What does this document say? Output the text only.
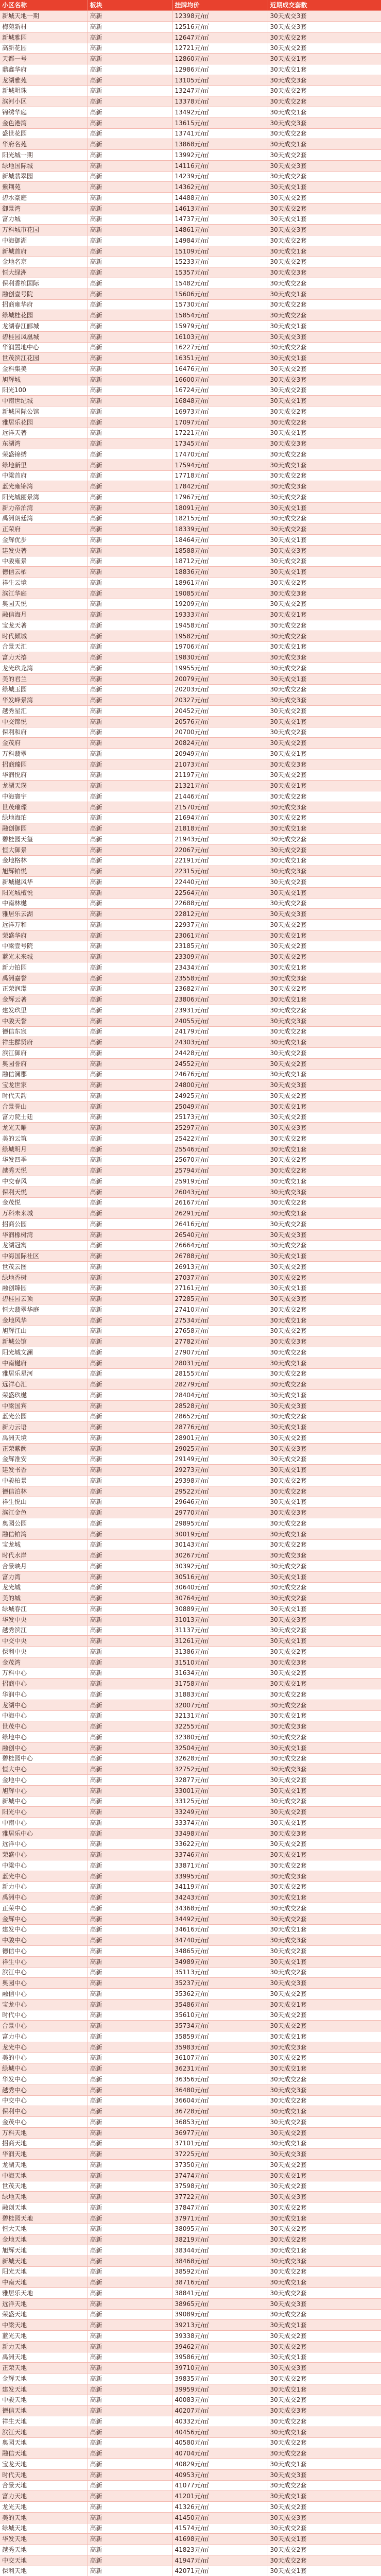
小区名称	板块	挂牌均价	近期成交套数
新城天地一期	高新	12398元/㎡	30天成交3套
梅苑新村	高新	12516元/㎡	30天成交3套
新城雅园	高新	12647元/㎡	30天成交2套
高新花园	高新	12721元/㎡	30天成交2套
天都一号	高新	12860元/㎡	30天成交1套
鼎鑫华府	高新	12986元/㎡	30天成交1套
龙湖雅苑	高新	13105元/㎡	30天成交3套
新城明珠	高新	13247元/㎡	30天成交2套
滨河小区	高新	13378元/㎡	30天成交2套
锦绣华庭	高新	13492元/㎡	30天成交1套
金色港湾	高新	13615元/㎡	30天成交3套
盛世花园	高新	13741元/㎡	30天成交2套
华府名苑	高新	13868元/㎡	30天成交1套
阳光城一期	高新	13992元/㎡	30天成交2套
绿地国际城	高新	14116元/㎡	30天成交3套
新城翡翠园	高新	14239元/㎡	30天成交2套
紫荆苑	高新	14362元/㎡	30天成交1套
碧水豪庭	高新	14488元/㎡	30天成交2套
御景湾	高新	14613元/㎡	30天成交2套
富力城	高新	14737元/㎡	30天成交1套
万科城市花园	高新	14861元/㎡	30天成交3套
中海御湖	高新	14984元/㎡	30天成交2套
新城首府	高新	15109元/㎡	30天成交1套
金地名京	高新	15233元/㎡	30天成交2套
恒大绿洲	高新	15357元/㎡	30天成交3套
保利香槟国际	高新	15482元/㎡	30天成交2套
融创壹号院	高新	15606元/㎡	30天成交1套
招商雍华府	高新	15730元/㎡	30天成交2套
绿城桂花园	高新	15854元/㎡	30天成交2套
龙湖春江郦城	高新	15979元/㎡	30天成交1套
碧桂园凤凰城	高新	16103元/㎡	30天成交3套
华润置地中心	高新	16227元/㎡	30天成交2套
世茂滨江花园	高新	16351元/㎡	30天成交1套
金科集美	高新	16476元/㎡	30天成交2套
旭辉城	高新	16600元/㎡	30天成交3套
阳光100	高新	16724元/㎡	30天成交2套
中南世纪城	高新	16848元/㎡	30天成交1套
新城国际公馆	高新	16973元/㎡	30天成交2套
雅居乐花园	高新	17097元/㎡	30天成交2套
远洋天著	高新	17221元/㎡	30天成交1套
东湖湾	高新	17345元/㎡	30天成交3套
荣盛锦绣	高新	17470元/㎡	30天成交2套
绿地新里	高新	17594元/㎡	30天成交1套
中梁首府	高新	17718元/㎡	30天成交2套
蓝光雍锦湾	高新	17842元/㎡	30天成交3套
阳光城丽景湾	高新	17967元/㎡	30天成交2套
新力帝泊湾	高新	18091元/㎡	30天成交1套
禹洲朗廷湾	高新	18215元/㎡	30天成交2套
正荣府	高新	18339元/㎡	30天成交2套
金辉优步	高新	18464元/㎡	30天成交1套
建发央著	高新	18588元/㎡	30天成交3套
中骏雍景	高新	18712元/㎡	30天成交2套
德信云栖	高新	18836元/㎡	30天成交1套
祥生云境	高新	18961元/㎡	30天成交2套
滨江华庭	高新	19085元/㎡	30天成交3套
奥园天悦	高新	19209元/㎡	30天成交2套
融信海月	高新	19333元/㎡	30天成交1套
宝龙天著	高新	19458元/㎡	30天成交2套
时代倾城	高新	19582元/㎡	30天成交2套
合景天汇	高新	19706元/㎡	30天成交1套
富力天禧	高新	19830元/㎡	30天成交3套
龙光玖龙湾	高新	19955元/㎡	30天成交2套
美的君兰	高新	20079元/㎡	30天成交1套
绿城玉园	高新	20203元/㎡	30天成交2套
华发峰景湾	高新	20327元/㎡	30天成交3套
越秀星汇	高新	20452元/㎡	30天成交2套
中交锦悦	高新	20576元/㎡	30天成交1套
保利和府	高新	20700元/㎡	30天成交2套
金茂府	高新	20824元/㎡	30天成交2套
万科翡翠	高新	20949元/㎡	30天成交1套
招商臻园	高新	21073元/㎡	30天成交3套
华润悦府	高新	21197元/㎡	30天成交2套
龙湖天璞	高新	21321元/㎡	30天成交1套
中海寰宇	高新	21446元/㎡	30天成交2套
世茂璀璨	高新	21570元/㎡	30天成交3套
绿地海珀	高新	21694元/㎡	30天成交2套
融创御园	高新	21818元/㎡	30天成交1套
碧桂园天玺	高新	21943元/㎡	30天成交2套
恒大御景	高新	22067元/㎡	30天成交2套
金地格林	高新	22191元/㎡	30天成交1套
旭辉铂悦	高新	22315元/㎡	30天成交3套
新城樾风华	高新	22440元/㎡	30天成交2套
阳光城檀悦	高新	22564元/㎡	30天成交1套
中南林樾	高新	22688元/㎡	30天成交2套
雅居乐云湖	高新	22812元/㎡	30天成交3套
远洋万和	高新	22937元/㎡	30天成交2套
荣盛华府	高新	23061元/㎡	30天成交1套
中梁壹号院	高新	23185元/㎡	30天成交2套
蓝光未来城	高新	23309元/㎡	30天成交2套
新力铂园	高新	23434元/㎡	30天成交1套
禹洲嘉誉	高新	23558元/㎡	30天成交3套
正荣润璟	高新	23682元/㎡	30天成交2套
金辉云著	高新	23806元/㎡	30天成交1套
建发玖里	高新	23931元/㎡	30天成交2套
中骏天誉	高新	24055元/㎡	30天成交3套
德信东宸	高新	24179元/㎡	30天成交2套
祥生群贤府	高新	24303元/㎡	30天成交1套
滨江御府	高新	24428元/㎡	30天成交2套
奥园誉府	高新	24552元/㎡	30天成交2套
融信澜郡	高新	24676元/㎡	30天成交1套
宝龙世家	高新	24800元/㎡	30天成交3套
时代天韵	高新	24925元/㎡	30天成交2套
合景誉山	高新	25049元/㎡	30天成交1套
富力院士廷	高新	25173元/㎡	30天成交2套
龙光天曜	高新	25297元/㎡	30天成交3套
美的云筑	高新	25422元/㎡	30天成交2套
绿城明月	高新	25546元/㎡	30天成交1套
华发四季	高新	25670元/㎡	30天成交2套
越秀天悦	高新	25794元/㎡	30天成交2套
中交春风	高新	25919元/㎡	30天成交1套
保利天悦	高新	26043元/㎡	30天成交3套
金茂悦	高新	26167元/㎡	30天成交2套
万科未来城	高新	26291元/㎡	30天成交1套
招商公园	高新	26416元/㎡	30天成交2套
华润橡树湾	高新	26540元/㎡	30天成交3套
龙湖冠寓	高新	26664元/㎡	30天成交2套
中海国际社区	高新	26788元/㎡	30天成交1套
世茂云图	高新	26913元/㎡	30天成交2套
绿地香树	高新	27037元/㎡	30天成交2套
融创臻园	高新	27161元/㎡	30天成交1套
碧桂园云顶	高新	27285元/㎡	30天成交3套
恒大翡翠华庭	高新	27410元/㎡	30天成交2套
金地风华	高新	27534元/㎡	30天成交1套
旭辉江山	高新	27658元/㎡	30天成交2套
新城公馆	高新	27782元/㎡	30天成交3套
阳光城文澜	高新	27907元/㎡	30天成交2套
中南樾府	高新	28031元/㎡	30天成交1套
雅居乐星河	高新	28155元/㎡	30天成交2套
远洋心汇	高新	28279元/㎡	30天成交2套
荣盛玖樾	高新	28404元/㎡	30天成交1套
中梁国宾	高新	28528元/㎡	30天成交3套
蓝光公园	高新	28652元/㎡	30天成交2套
新力云语	高新	28776元/㎡	30天成交1套
禹洲天境	高新	28901元/㎡	30天成交2套
正荣紫阙	高新	29025元/㎡	30天成交3套
金辉淮安	高新	29149元/㎡	30天成交2套
建发书香	高新	29273元/㎡	30天成交1套
中骏柏景	高新	29398元/㎡	30天成交2套
德信泊林	高新	29522元/㎡	30天成交2套
祥生悦山	高新	29646元/㎡	30天成交1套
滨江金色	高新	29770元/㎡	30天成交3套
奥园公园	高新	29895元/㎡	30天成交2套
融信铂湾	高新	30019元/㎡	30天成交1套
宝龙城	高新	30143元/㎡	30天成交2套
时代水岸	高新	30267元/㎡	30天成交3套
合景映月	高新	30392元/㎡	30天成交2套
富力湾	高新	30516元/㎡	30天成交1套
龙光城	高新	30640元/㎡	30天成交2套
美的城	高新	30764元/㎡	30天成交2套
绿城春江	高新	30889元/㎡	30天成交1套
华发中央	高新	31013元/㎡	30天成交3套
越秀滨江	高新	31137元/㎡	30天成交2套
中交中央	高新	31261元/㎡	30天成交1套
保利中央	高新	31386元/㎡	30天成交2套
金茂湾	高新	31510元/㎡	30天成交3套
万科中心	高新	31634元/㎡	30天成交2套
招商中心	高新	31758元/㎡	30天成交1套
华润中心	高新	31883元/㎡	30天成交2套
龙湖中心	高新	32007元/㎡	30天成交2套
中海中心	高新	32131元/㎡	30天成交1套
世茂中心	高新	32255元/㎡	30天成交3套
绿地中心	高新	32380元/㎡	30天成交2套
融创中心	高新	32504元/㎡	30天成交1套
碧桂园中心	高新	32628元/㎡	30天成交2套
恒大中心	高新	32752元/㎡	30天成交3套
金地中心	高新	32877元/㎡	30天成交2套
旭辉中心	高新	33001元/㎡	30天成交1套
新城中心	高新	33125元/㎡	30天成交2套
阳光中心	高新	33249元/㎡	30天成交2套
中南中心	高新	33374元/㎡	30天成交1套
雅居乐中心	高新	33498元/㎡	30天成交3套
远洋中心	高新	33622元/㎡	30天成交2套
荣盛中心	高新	33746元/㎡	30天成交1套
中梁中心	高新	33871元/㎡	30天成交2套
蓝光中心	高新	33995元/㎡	30天成交3套
新力中心	高新	34119元/㎡	30天成交2套
禹洲中心	高新	34243元/㎡	30天成交1套
正荣中心	高新	34368元/㎡	30天成交2套
金辉中心	高新	34492元/㎡	30天成交2套
建发中心	高新	34616元/㎡	30天成交1套
中骏中心	高新	34740元/㎡	30天成交3套
德信中心	高新	34865元/㎡	30天成交2套
祥生中心	高新	34989元/㎡	30天成交1套
滨江中心	高新	35113元/㎡	30天成交2套
奥园中心	高新	35237元/㎡	30天成交3套
融信中心	高新	35362元/㎡	30天成交2套
宝龙中心	高新	35486元/㎡	30天成交1套
时代中心	高新	35610元/㎡	30天成交2套
合景中心	高新	35734元/㎡	30天成交2套
富力中心	高新	35859元/㎡	30天成交1套
龙光中心	高新	35983元/㎡	30天成交3套
美的中心	高新	36107元/㎡	30天成交2套
绿城中心	高新	36231元/㎡	30天成交1套
华发中心	高新	36356元/㎡	30天成交2套
越秀中心	高新	36480元/㎡	30天成交3套
中交中心	高新	36604元/㎡	30天成交2套
保利中心	高新	36728元/㎡	30天成交1套
金茂中心	高新	36853元/㎡	30天成交2套
万科天地	高新	36977元/㎡	30天成交2套
招商天地	高新	37101元/㎡	30天成交1套
华润天地	高新	37225元/㎡	30天成交3套
龙湖天地	高新	37350元/㎡	30天成交2套
中海天地	高新	37474元/㎡	30天成交1套
世茂天地	高新	37598元/㎡	30天成交2套
绿地天地	高新	37722元/㎡	30天成交3套
融创天地	高新	37847元/㎡	30天成交2套
碧桂园天地	高新	37971元/㎡	30天成交1套
恒大天地	高新	38095元/㎡	30天成交2套
金地天地	高新	38219元/㎡	30天成交2套
旭辉天地	高新	38344元/㎡	30天成交1套
新城天地	高新	38468元/㎡	30天成交3套
阳光天地	高新	38592元/㎡	30天成交2套
中南天地	高新	38716元/㎡	30天成交1套
雅居乐天地	高新	38841元/㎡	30天成交2套
远洋天地	高新	38965元/㎡	30天成交3套
荣盛天地	高新	39089元/㎡	30天成交2套
中梁天地	高新	39213元/㎡	30天成交1套
蓝光天地	高新	39338元/㎡	30天成交2套
新力天地	高新	39462元/㎡	30天成交2套
禹洲天地	高新	39586元/㎡	30天成交1套
正荣天地	高新	39710元/㎡	30天成交3套
金辉天地	高新	39835元/㎡	30天成交2套
建发天地	高新	39959元/㎡	30天成交1套
中骏天地	高新	40083元/㎡	30天成交2套
德信天地	高新	40207元/㎡	30天成交3套
祥生天地	高新	40332元/㎡	30天成交2套
滨江天地	高新	40456元/㎡	30天成交1套
奥园天地	高新	40580元/㎡	30天成交2套
融信天地	高新	40704元/㎡	30天成交2套
宝龙天地	高新	40829元/㎡	30天成交1套
时代天地	高新	40953元/㎡	30天成交3套
合景天地	高新	41077元/㎡	30天成交2套
富力天地	高新	41201元/㎡	30天成交1套
龙光天地	高新	41326元/㎡	30天成交2套
美的天地	高新	41450元/㎡	30天成交3套
绿城天地	高新	41574元/㎡	30天成交2套
华发天地	高新	41698元/㎡	30天成交1套
越秀天地	高新	41823元/㎡	30天成交2套
中交天地	高新	41947元/㎡	30天成交2套
保利天地	高新	42071元/㎡	30天成交1套
